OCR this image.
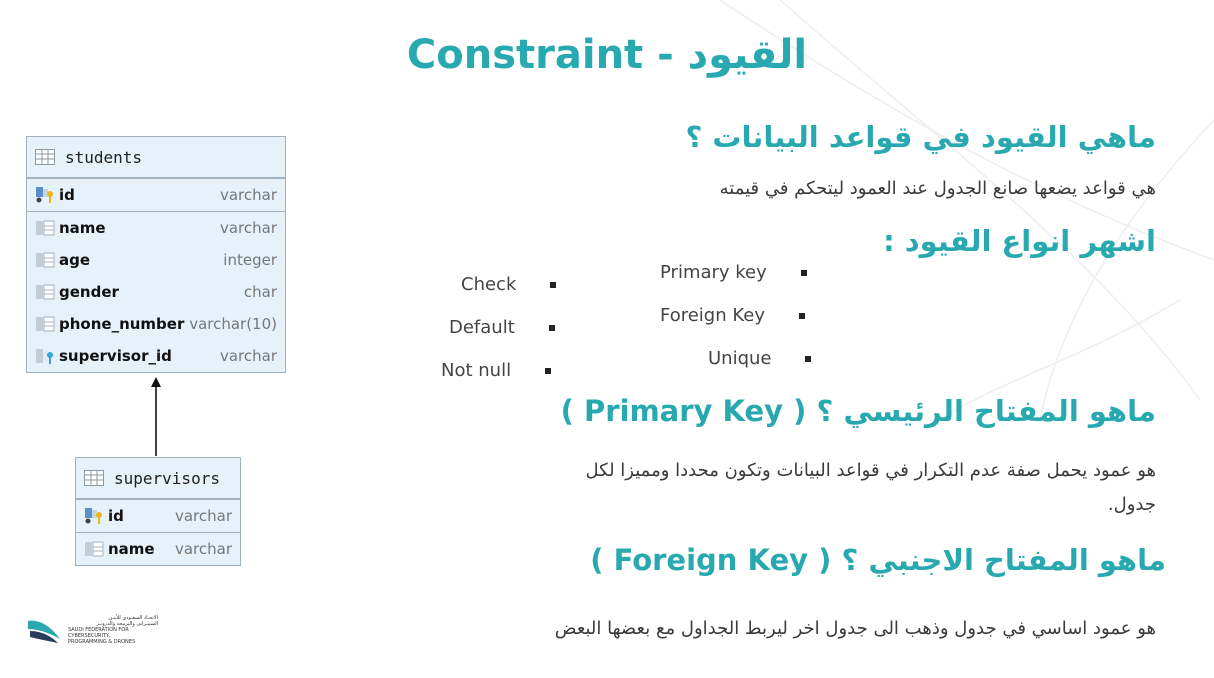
Constraint - القيود
ماهي القيود في قواعد البيانات ؟
هي قواعد يضعها صانع الجدول عند العمود ليتحكم في قيمته
اشهر انواع القيود :
Primary key
Foreign Key
Unique
Check
Default
Not null
ماهو المفتاح الرئيسي ؟ ( Primary Key )
هو عمود يحمل صفة عدم التكرار في قواعد البيانات وتكون محددا ومميزا لكل
جدول.
ماهو المفتاح الاجنبي ؟ ( Foreign Key )
هو عمود اساسي في جدول وذهب الى جدول اخر ليربط الجداول مع بعضها البعض
students
id	varchar
name	varchar
age	integer
gender	char
phone_number varchar(10)
supervisor_id	varchar
supervisors
id	varchar
name varchar
الاتحـاد السعـودي للأمـن
السيبـراني والبرمجة والدرونـز
SAUDI FEDERATION FOR CYBERSECURITY,
PROGRAMMING & DRONES
